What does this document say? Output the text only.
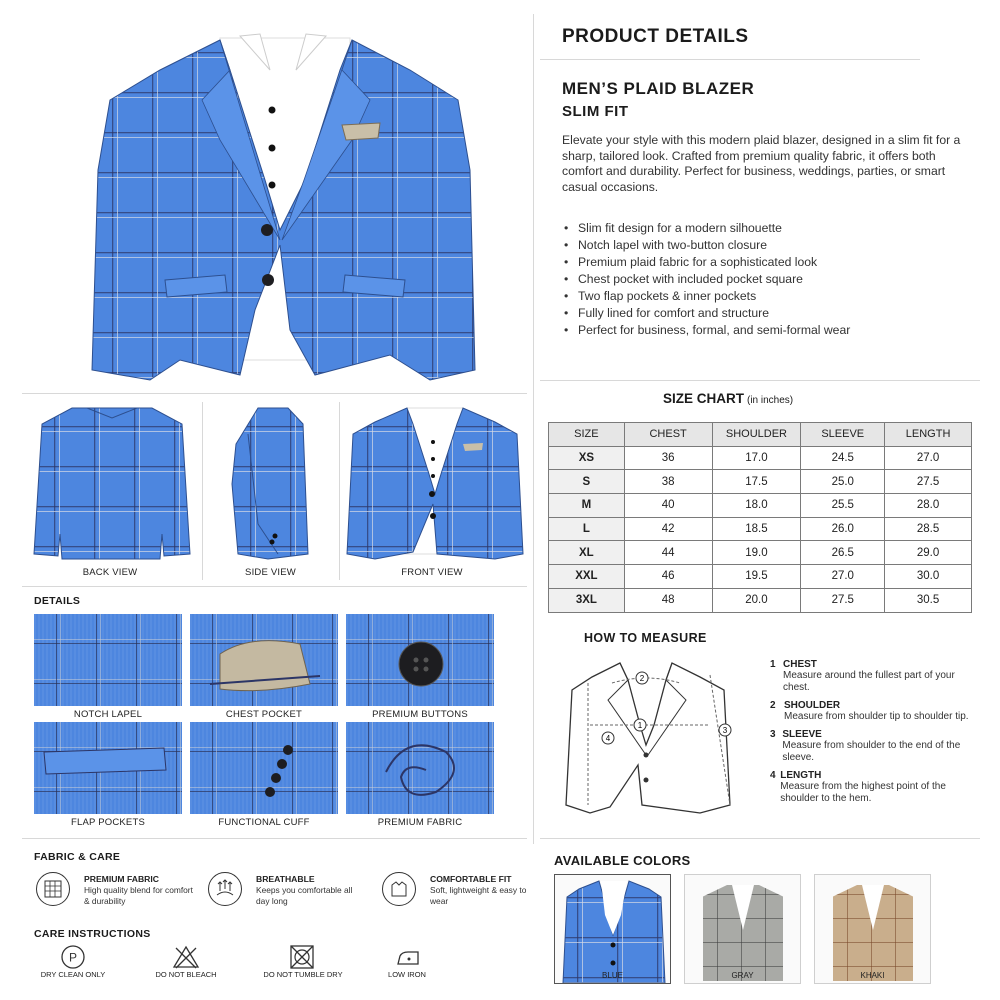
BACK VIEW	SIDE VIEW	FRONT VIEW
DETAILS
NOTCH LAPEL	CHEST POCKET	PREMIUM BUTTONS
FLAP POCKETS	FUNCTIONAL CUFF	PREMIUM FABRIC
FABRIC & CARE
PREMIUM FABRIC
High quality blend for comfort & durability
BREATHABLE
Keeps you comfortable all day long
COMFORTABLE FIT
Soft, lightweight & easy to wear
CARE INSTRUCTIONS
P
DRY CLEAN ONLY	DO NOT BLEACH	DO NOT TUMBLE DRY	LOW IRON
PRODUCT DETAILS
MEN’S PLAID BLAZER
SLIM FIT

Elevate your style with this modern plaid blazer, designed in a slim fit for a sharp, tailored look. Crafted from premium quality fabric, it offers both comfort and durability. Perfect for business, weddings, parties, or smart casual occasions.

• Slim fit design for a modern silhouette
• Notch lapel with two-button closure
• Premium plaid fabric for a sophisticated look
• Chest pocket with included pocket square
• Two flap pockets & inner pockets
• Fully lined for comfort and structure
• Perfect for business, formal, and semi-formal wear
SIZE CHART (in inches)
SIZE	CHEST	SHOULDER	SLEEVE	LENGTH
XS	36	17.0	24.5	27.0
S	38	17.5	25.0	27.5
M	40	18.0	25.5	28.0
L	42	18.5	26.0	28.5
XL	44	19.0	26.5	29.0
XXL	46	19.5	27.0	30.0
3XL	48	20.0	27.5	30.5
HOW TO MEASURE
1
2
3
4
1 CHEST
Measure around the fullest part of your chest.
2 SHOULDER
Measure from shoulder tip to shoulder tip.
3 SLEEVE
Measure from shoulder to the end of the sleeve.
4 LENGTH
Measure from the highest point of the shoulder to the hem.
AVAILABLE COLORS
BLUE	GRAY	KHAKI
